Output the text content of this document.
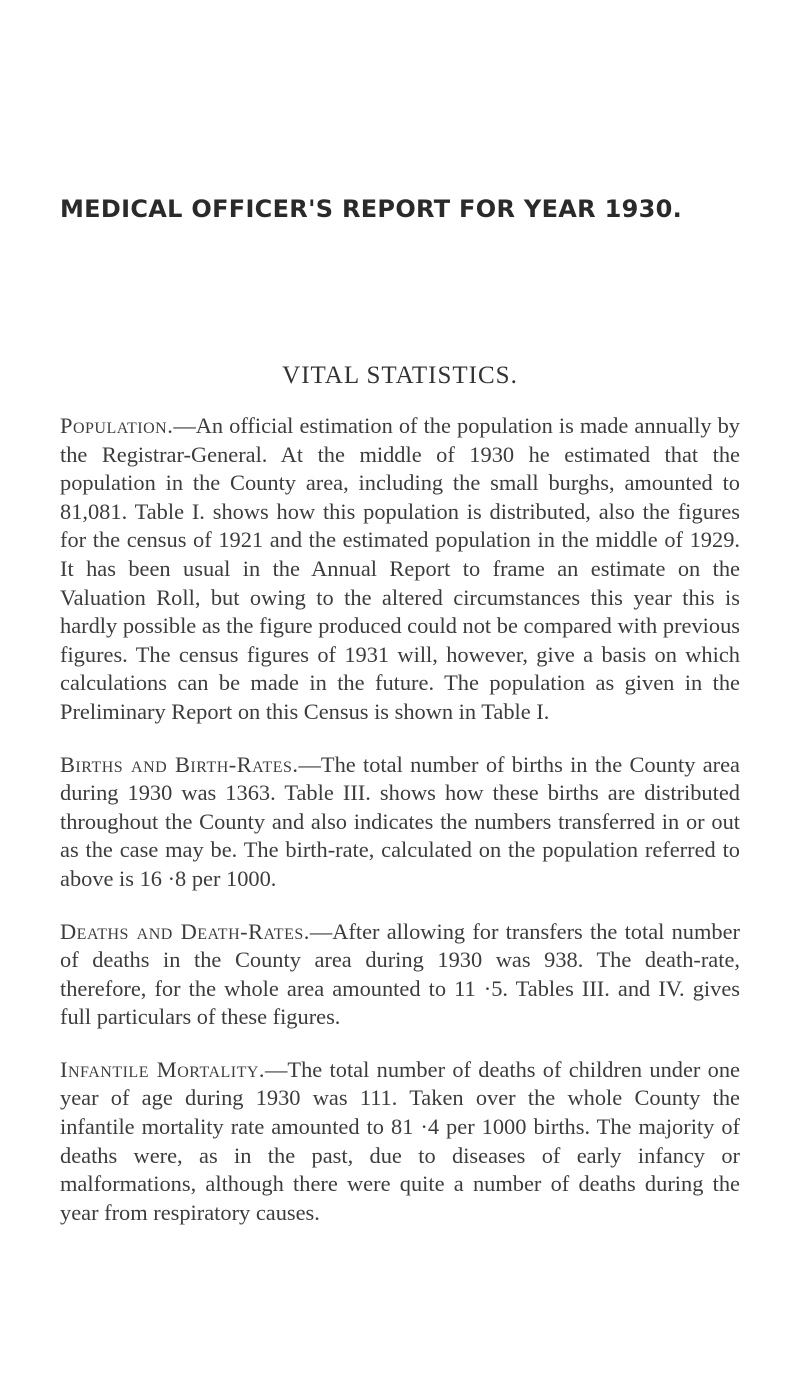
MEDICAL OFFICER'S REPORT FOR YEAR 1930.
VITAL STATISTICS.

Population.—An official estimation of the population is made annually by the Registrar-General. At the middle of 1930 he estimated that the population in the County area, including the small burghs, amounted to 81,081. Table I. shows how this population is distributed, also the figures for the census of 1921 and the estimated population in the middle of 1929. It has been usual in the Annual Report to frame an estimate on the Valuation Roll, but owing to the altered circumstances this year this is hardly possible as the figure produced could not be compared with previous figures. The census figures of 1931 will, however, give a basis on which calculations can be made in the future. The population as given in the Preliminary Report on this Census is shown in Table I.

Births and Birth-Rates.—The total number of births in the County area during 1930 was 1363. Table III. shows how these births are distributed throughout the County and also indicates the numbers transferred in or out as the case may be. The birth-rate, calculated on the population referred to above is 16 ·8 per 1000.

Deaths and Death-Rates.—After allowing for transfers the total number of deaths in the County area during 1930 was 938. The death-rate, therefore, for the whole area amounted to 11 ·5. Tables III. and IV. gives full particulars of these figures.

Infantile Mortality.—The total number of deaths of children under one year of age during 1930 was 111. Taken over the whole County the infantile mortality rate amounted to 81 ·4 per 1000 births. The majority of deaths were, as in the past, due to diseases of early infancy or malformations, although there were quite a number of deaths during the year from respiratory causes.
